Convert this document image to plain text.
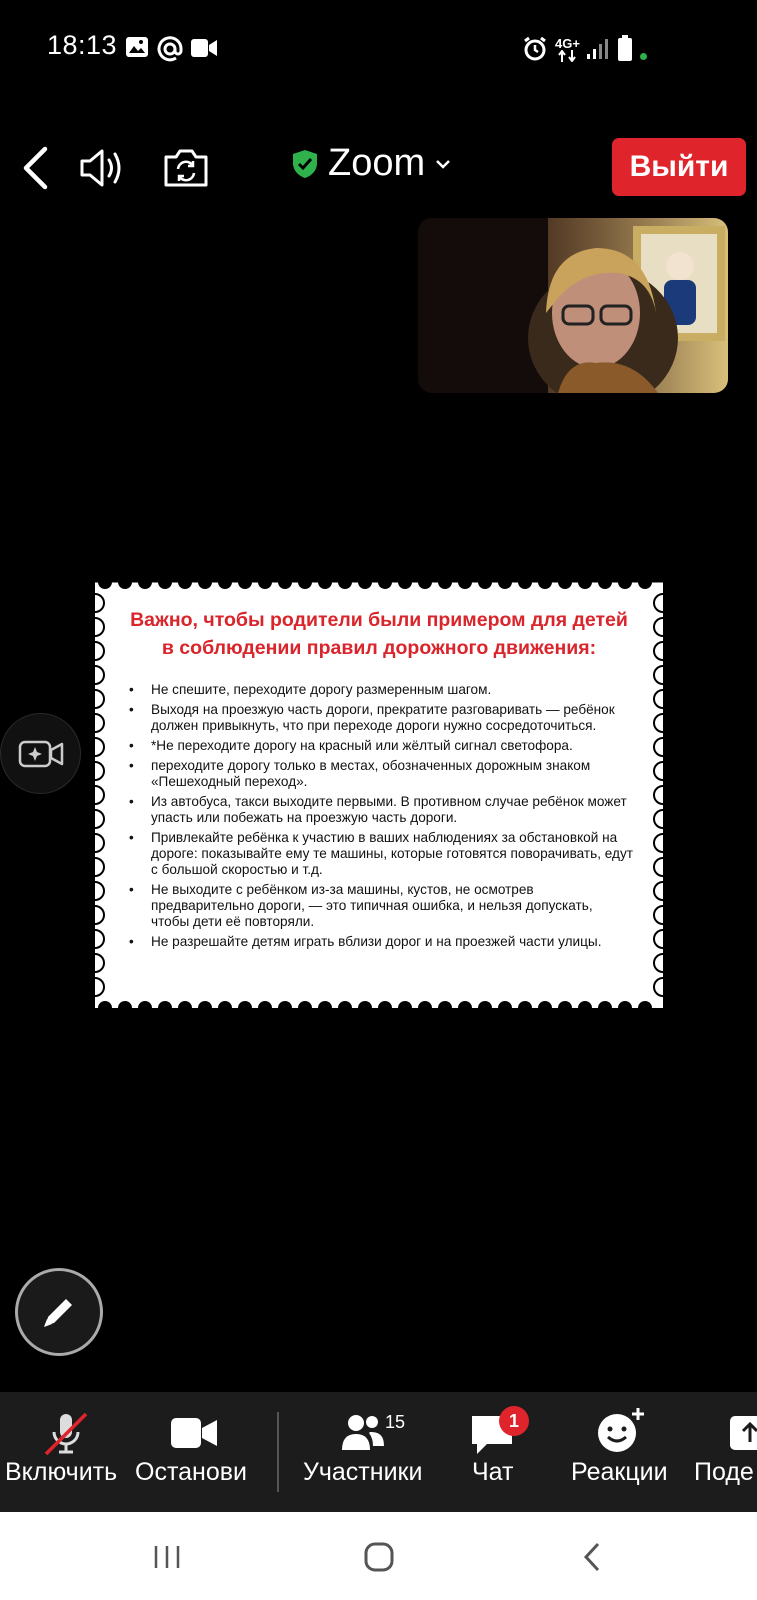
18:13	4G+
Zoom	Выйти
Важно, чтобы родители были примером для детей в соблюдении правил дорожного движения:
• Не спешите, переходите дорогу размеренным шагом.
• Выходя на проезжую часть дороги, прекратите разговаривать — ребёнок должен привыкнуть, что при переходе дороги нужно сосредоточиться.
• *Не переходите дорогу на красный или жёлтый сигнал светофора.
• переходите дорогу только в местах, обозначенных дорожным знаком «Пешеходный переход».
• Из автобуса, такси выходите первыми. В противном случае ребёнок может упасть или побежать на проезжую часть дороги.
• Привлекайте ребёнка к участию в ваших наблюдениях за обстановкой на дороге: показывайте ему те машины, которые готовятся поворачивать, едут с большой скоростью и т.д.
• Не выходите с ребёнком из-за машины, кустов, не осмотрев предварительно дороги, — это типичная ошибка, и нельзя допускать, чтобы дети её повторяли.
• Не разрешайте детям играть вблизи дорог и на проезжей части улицы.
Включить Останови
15
Участники
1
Чат Реакции Поде
